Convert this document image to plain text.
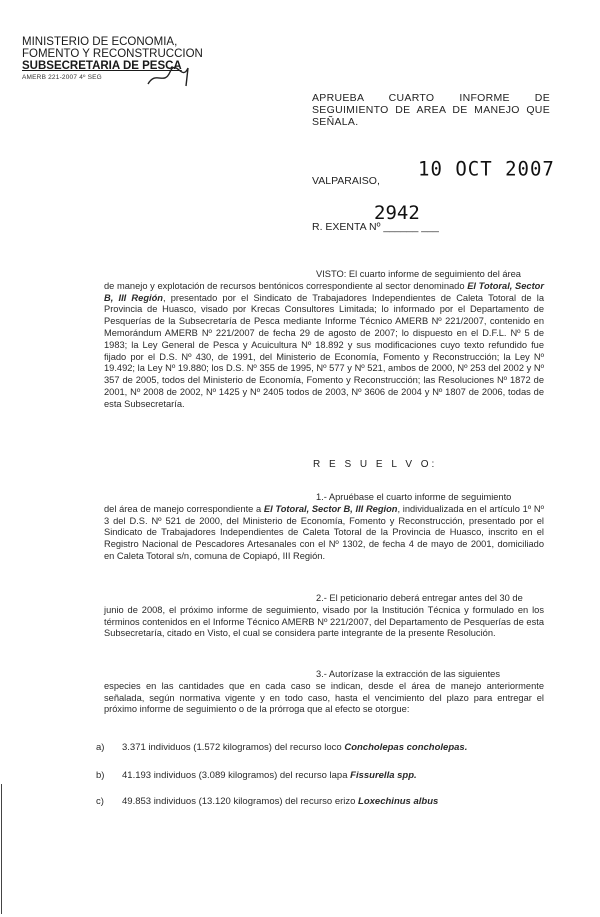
MINISTERIO DE ECONOMIA,
FOMENTO Y RECONSTRUCCION
SUBSECRETARIA DE PESCA
AMERB 221-2007 4º SEG
APRUEBA CUARTO INFORME DE
SEGUIMIENTO DE AREA DE MANEJO QUE
SEÑALA.
10 OCT 2007
VALPARAISO,
2942
R. EXENTA Nº ______ ___
VISTO: El cuarto informe de seguimiento del área
de manejo y explotación de recursos bentónicos correspondiente al sector denominado El Totoral, Sector B, III Región, presentado por el Sindicato de Trabajadores Independientes de Caleta Totoral de la Provincia de Huasco, visado por Krecas Consultores Limitada; lo informado por el Departamento de Pesquerías de la Subsecretaría de Pesca mediante Informe Técnico AMERB Nº 221/2007, contenido en Memorándum AMERB Nº 221/2007 de fecha 29 de agosto de 2007; lo dispuesto en el D.F.L. Nº 5 de 1983; la Ley General de Pesca y Acuicultura Nº 18.892 y sus modificaciones cuyo texto refundido fue fijado por el D.S. Nº 430, de 1991, del Ministerio de Economía, Fomento y Reconstrucción; la Ley Nº 19.492; la Ley Nº 19.880; los D.S. Nº 355 de 1995, Nº 577 y Nº 521, ambos de 2000, Nº 253 del 2002 y Nº 357 de 2005, todos del Ministerio de Economía, Fomento y Reconstrucción; las Resoluciones Nº 1872 de 2001, Nº 2008 de 2002, Nº 1425 y Nº 2405 todos de 2003, Nº 3606 de 2004 y Nº 1807 de 2006, todas de esta Subsecretaría.
R E S U E L V O:
1.- Apruébase el cuarto informe de seguimiento
del área de manejo correspondiente a El Totoral, Sector B, III Region, individualizada en el artículo 1º Nº 3 del D.S. Nº 521 de 2000, del Ministerio de Economía, Fomento y Reconstrucción, presentado por el Sindicato de Trabajadores Independientes de Caleta Totoral de la Provincia de Huasco, inscrito en el Registro Nacional de Pescadores Artesanales con el Nº 1302, de fecha 4 de mayo de 2001, domiciliado en Caleta Totoral s/n, comuna de Copiapó, III Región.
2.- El peticionario deberá entregar antes del 30 de
junio de 2008, el próximo informe de seguimiento, visado por la Institución Técnica y formulado en los términos contenidos en el Informe Técnico AMERB Nº 221/2007, del Departamento de Pesquerías de esta Subsecretaría, citado en Visto, el cual se considera parte integrante de la presente Resolución.
3.- Autorízase la extracción de las siguientes
especies en las cantidades que en cada caso se indican, desde el área de manejo anteriormente señalada, según normativa vigente y en todo caso, hasta el vencimiento del plazo para entregar el próximo informe de seguimiento o de la prórroga que al efecto se otorgue:
a) 3.371 individuos (1.572 kilogramos) del recurso loco Concholepas concholepas.
b) 41.193 individuos (3.089 kilogramos) del recurso lapa Fissurella spp.
c) 49.853 individuos (13.120 kilogramos) del recurso erizo Loxechinus albus
